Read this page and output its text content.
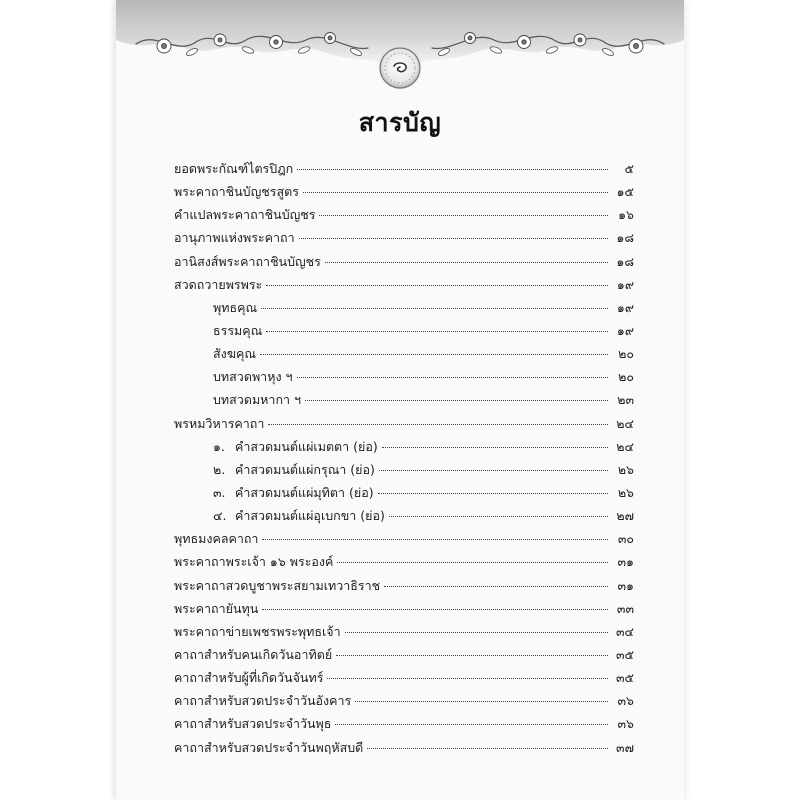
สารบัญ
ยอดพระกัณฑ์ไตรปิฎก	๕
พระคาถาชินบัญชรสูตร	๑๕
คำแปลพระคาถาชินบัญชร	๑๖
อานุภาพแห่งพระคาถา	๑๘
อานิสงส์พระคาถาชินบัญชร	๑๘
สวดถวายพรพระ	๑๙
พุทธคุณ	๑๙
ธรรมคุณ	๑๙
สังฆคุณ	๒๐
บทสวดพาหุง ฯ	๒๐
บทสวดมหากา ฯ	๒๓
พรหมวิหารคาถา	๒๔
๑. คำสวดมนต์แผ่เมตตา (ย่อ)	๒๔
๒. คำสวดมนต์แผ่กรุณา (ย่อ)	๒๖
๓. คำสวดมนต์แผ่มุทิตา (ย่อ)	๒๖
๔. คำสวดมนต์แผ่อุเบกขา (ย่อ)	๒๗
พุทธมงคลคาถา	๓๐
พระคาถาพระเจ้า ๑๖ พระองค์	๓๑
พระคาถาสวดบูชาพระสยามเทวาธิราช	๓๑
พระคาถายันทุน	๓๓
พระคาถาข่ายเพชรพระพุทธเจ้า	๓๔
คาถาสำหรับคนเกิดวันอาทิตย์	๓๕
คาถาสำหรับผู้ที่เกิดวันจันทร์	๓๕
คาถาสำหรับสวดประจำวันอังคาร	๓๖
คาถาสำหรับสวดประจำวันพุธ	๓๖
คาถาสำหรับสวดประจำวันพฤหัสบดี	๓๗
